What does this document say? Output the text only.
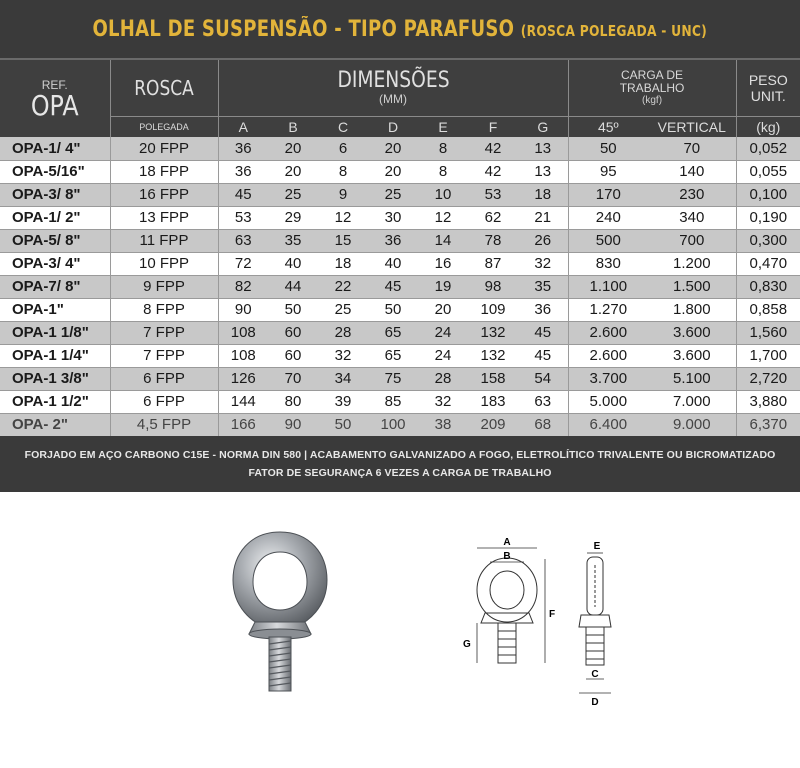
OLHAL DE SUSPENSÃO - TIPO PARAFUSO (ROSCA POLEGADA - UNC)
REF.
OPA	ROSCA	DIMENSÕES
(MM)							CARGA DE
TRABALHO
(kgf)		PESO
UNIT.

	POLEGADA	A	B	C	D	E	F	G	45º	VERTICAL	(kg)
OPA-1/ 4"	20 FPP	36	20	6	20	8	42	13	50	70	0,052
OPA-5/16"	18 FPP	36	20	8	20	8	42	13	95	140	0,055
OPA-3/ 8"	16 FPP	45	25	9	25	10	53	18	170	230	0,100
OPA-1/ 2"	13 FPP	53	29	12	30	12	62	21	240	340	0,190
OPA-5/ 8"	11 FPP	63	35	15	36	14	78	26	500	700	0,300
OPA-3/ 4"	10 FPP	72	40	18	40	16	87	32	830	1.200	0,470
OPA-7/ 8"	9 FPP	82	44	22	45	19	98	35	1.100	1.500	0,830
OPA-1"	8 FPP	90	50	25	50	20	109	36	1.270	1.800	0,858
OPA-1 1/8"	7 FPP	108	60	28	65	24	132	45	2.600	3.600	1,560
OPA-1 1/4"	7 FPP	108	60	32	65	24	132	45	2.600	3.600	1,700
OPA-1 3/8"	6 FPP	126	70	34	75	28	158	54	3.700	5.100	2,720
OPA-1 1/2"	6 FPP	144	80	39	85	32	183	63	5.000	7.000	3,880
OPA- 2"	4,5 FPP	166	90	50	100	38	209	68	6.400	9.000	6,370
FORJADO EM AÇO CARBONO C15E - NORMA DIN 580 | ACABAMENTO GALVANIZADO A FOGO, ELETROLÍTICO TRIVALENTE OU BICROMATIZADO
FATOR DE SEGURANÇA 6 VEZES A CARGA DE TRABALHO
A
B
F
G
E
C
D
